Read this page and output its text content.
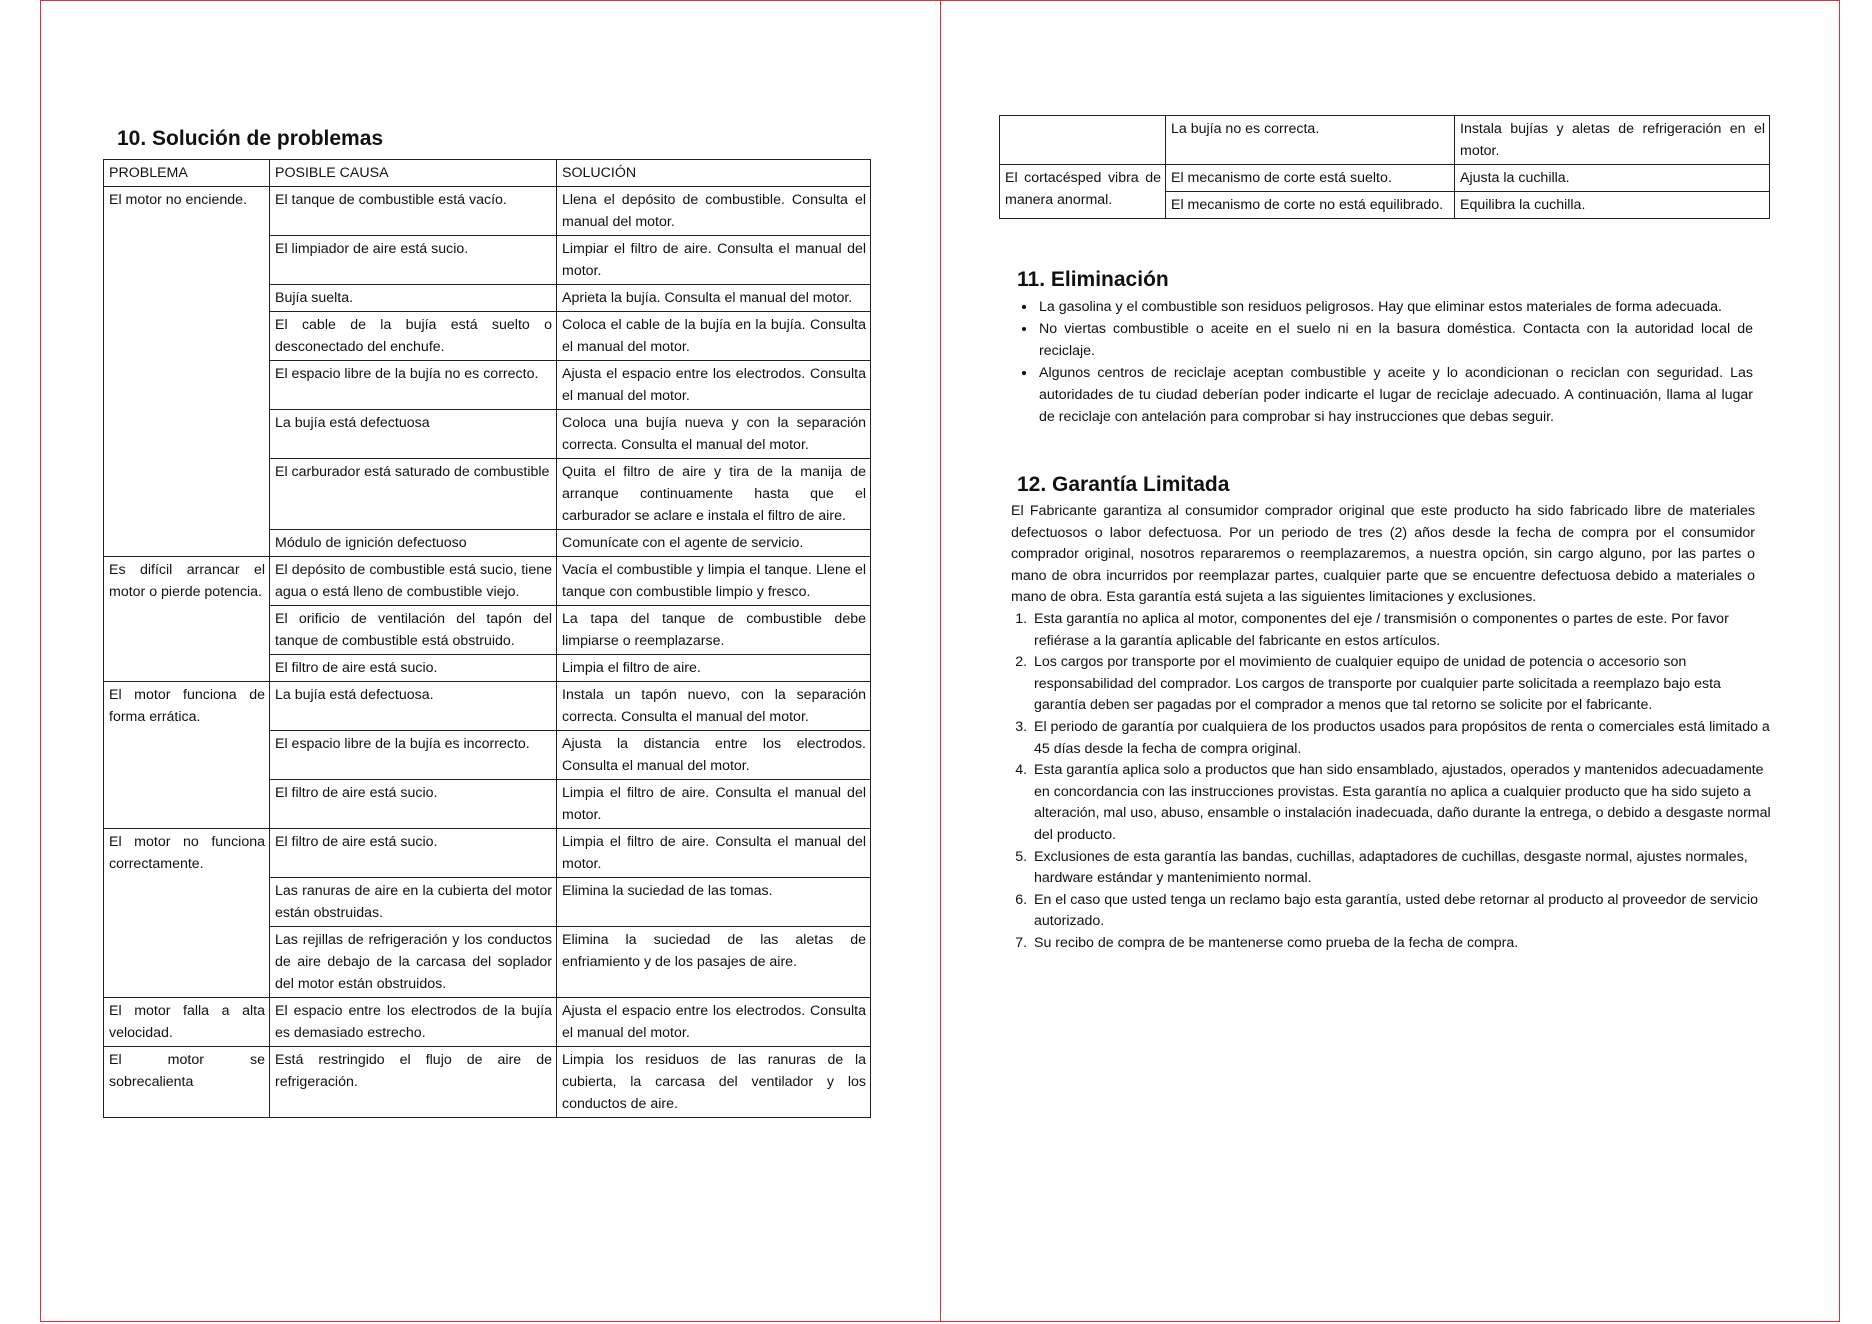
10. Solución de problemas
PROBLEMA	POSIBLE CAUSA	SOLUCIÓN
El motor no enciende.	El tanque de combustible está vacío.	Llena el depósito de combustible. Consulta el manual del motor.
	El limpiador de aire está sucio.	Limpiar el filtro de aire. Consulta el manual del motor.
	Bujía suelta.	Aprieta la bujía. Consulta el manual del motor.
	El cable de la bujía está suelto o desconectado del enchufe.	Coloca el cable de la bujía en la bujía. Consulta el manual del motor.
	El espacio libre de la bujía no es correcto.	Ajusta el espacio entre los electrodos. Consulta el manual del motor.
	La bujía está defectuosa	Coloca una bujía nueva y con la separación correcta. Consulta el manual del motor.
	El carburador está saturado de combustible	Quita el filtro de aire y tira de la manija de arranque continuamente hasta que el carburador se aclare e instala el filtro de aire.
	Módulo de ignición defectuoso	Comunícate con el agente de servicio.
Es difícil arrancar el motor o pierde potencia.	El depósito de combustible está sucio, tiene agua o está lleno de combustible viejo.	Vacía el combustible y limpia el tanque. Llene el tanque con combustible limpio y fresco.
	El orificio de ventilación del tapón del tanque de combustible está obstruido.	La tapa del tanque de combustible debe limpiarse o reemplazarse.
	El filtro de aire está sucio.	Limpia el filtro de aire.
El motor funciona de forma errática.	La bujía está defectuosa.	Instala un tapón nuevo, con la separación correcta. Consulta el manual del motor.
	El espacio libre de la bujía es incorrecto.	Ajusta la distancia entre los electrodos. Consulta el manual del motor.
	El filtro de aire está sucio.	Limpia el filtro de aire. Consulta el manual del motor.
El motor no funciona correctamente.	El filtro de aire está sucio.	Limpia el filtro de aire. Consulta el manual del motor.
	Las ranuras de aire en la cubierta del motor están obstruidas.	Elimina la suciedad de las tomas.
	Las rejillas de refrigeración y los conductos de aire debajo de la carcasa del soplador del motor están obstruidos.	Elimina la suciedad de las aletas de enfriamiento y de los pasajes de aire.
El motor falla a alta velocidad.	El espacio entre los electrodos de la bujía es demasiado estrecho.	Ajusta el espacio entre los electrodos. Consulta el manual del motor.
El motor se sobrecalienta	Está restringido el flujo de aire de refrigeración.	Limpia los residuos de las ranuras de la cubierta, la carcasa del ventilador y los conductos de aire.
	La bujía no es correcta.	Instala bujías y aletas de refrigeración en el motor.
El cortacésped vibra de manera anormal.	El mecanismo de corte está suelto.	Ajusta la cuchilla.
	El mecanismo de corte no está equilibrado.	Equilibra la cuchilla.
11. Eliminación
• La gasolina y el combustible son residuos peligrosos. Hay que eliminar estos materiales de forma adecuada.
• No viertas combustible o aceite en el suelo ni en la basura doméstica. Contacta con la autoridad local de reciclaje.
• Algunos centros de reciclaje aceptan combustible y aceite y lo acondicionan o reciclan con seguridad. Las autoridades de tu ciudad deberían poder indicarte el lugar de reciclaje adecuado. A continuación, llama al lugar de reciclaje con antelación para comprobar si hay instrucciones que debas seguir.
12. Garantía Limitada

El Fabricante garantiza al consumidor comprador original que este producto ha sido fabricado libre de materiales defectuosos o labor defectuosa. Por un periodo de tres (2) años desde la fecha de compra por el consumidor comprador original, nosotros repararemos o reemplazaremos, a nuestra opción, sin cargo alguno, por las partes o mano de obra incurridos por reemplazar partes, cualquier parte que se encuentre defectuosa debido a materiales o mano de obra. Esta garantía está sujeta a las siguientes limitaciones y exclusiones.

1. Esta garantía no aplica al motor, componentes del eje / transmisión o componentes o partes de este. Por favor refiérase a la garantía aplicable del fabricante en estos artículos.
2. Los cargos por transporte por el movimiento de cualquier equipo de unidad de potencia o accesorio son responsabilidad del comprador. Los cargos de transporte por cualquier parte solicitada a reemplazo bajo esta garantía deben ser pagadas por el comprador a menos que tal retorno se solicite por el fabricante.
3. El periodo de garantía por cualquiera de los productos usados para propósitos de renta o comerciales está limitado a 45 días desde la fecha de compra original.
4. Esta garantía aplica solo a productos que han sido ensamblado, ajustados, operados y mantenidos adecuadamente en concordancia con las instrucciones provistas. Esta garantía no aplica a cualquier producto que ha sido sujeto a alteración, mal uso, abuso, ensamble o instalación inadecuada, daño durante la entrega, o debido a desgaste normal del producto.
5. Exclusiones de esta garantía las bandas, cuchillas, adaptadores de cuchillas, desgaste normal, ajustes normales, hardware estándar y mantenimiento normal.
6. En el caso que usted tenga un reclamo bajo esta garantía, usted debe retornar al producto al proveedor de servicio autorizado.
7. Su recibo de compra de be mantenerse como prueba de la fecha de compra.
